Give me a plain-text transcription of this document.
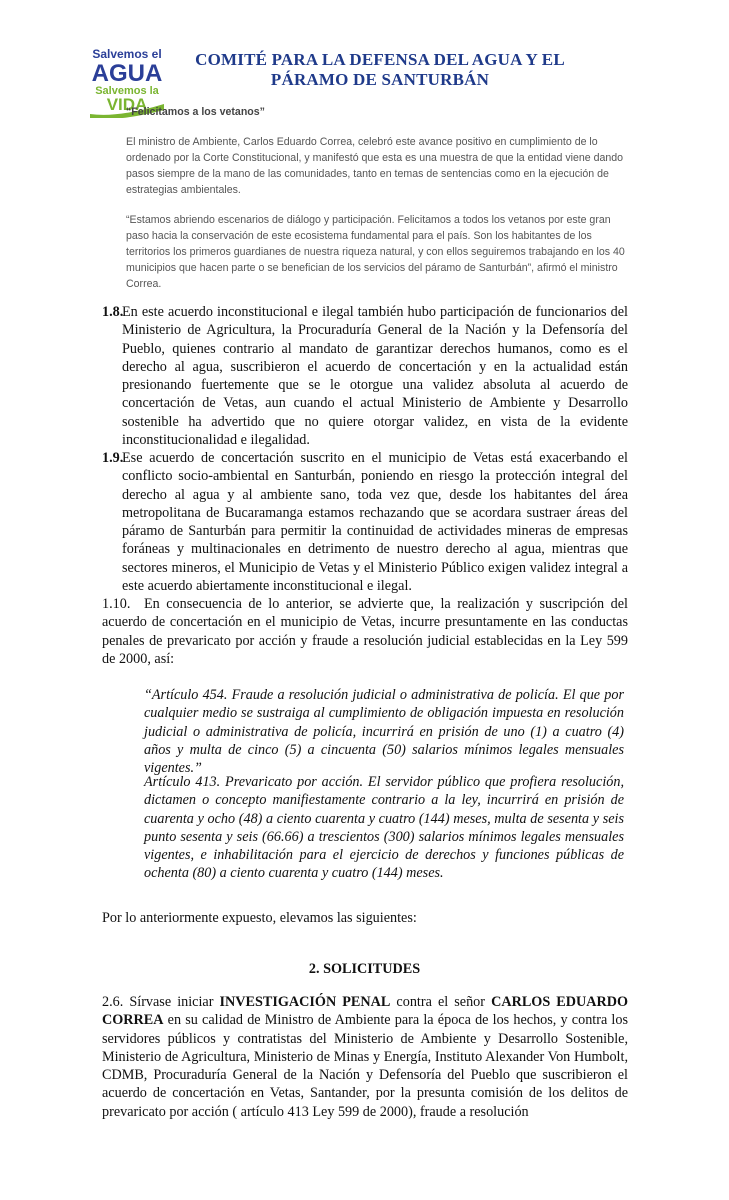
Salvemos el
AGUA
Salvemos la
VIDA
COMITÉ PARA LA DEFENSA DEL AGUA Y EL
PÁRAMO DE SANTURBÁN
“Felicitamos a los vetanos”

El ministro de Ambiente, Carlos Eduardo Correa, celebró este avance positivo en cumplimiento de lo ordenado por la Corte Constitucional, y manifestó que esta es una muestra de que la entidad viene dando pasos siempre de la mano de las comunidades, tanto en temas de sentencias como en la ejecución de estrategias ambientales.

“Estamos abriendo escenarios de diálogo y participación. Felicitamos a todos los vetanos por este gran paso hacia la conservación de este ecosistema fundamental para el país. Son los habitantes de los territorios los primeros guardianes de nuestra riqueza natural, y con ellos seguiremos trabajando en los 40 municipios que hacen parte o se benefician de los servicios del páramo de Santurbán”, afirmó el ministro Correa.

1.8.
En este acuerdo inconstitucional e ilegal también hubo participación de funcionarios del Ministerio de Agricultura, la Procuraduría General de la Nación y la Defensoría del Pueblo, quienes contrario al mandato de garantizar derechos humanos, como es el derecho al agua, suscribieron el acuerdo de concertación y en la actualidad están presionando fuertemente que se le otorgue una validez absoluta al acuerdo de concertación de Vetas, aun cuando el actual Ministerio de Ambiente y Desarrollo sostenible ha advertido que no quiere otorgar validez, en vista de la evidente inconstitucionalidad e ilegalidad.
1.9.
Ese acuerdo de concertación suscrito en el municipio de Vetas está exacerbando el conflicto socio-ambiental en Santurbán, poniendo en riesgo la protección integral del derecho al agua y al ambiente sano, toda vez que, desde los habitantes del área metropolitana de Bucaramanga estamos rechazando que se acordara sustraer áreas del páramo de Santurbán para permitir la continuidad de actividades mineras de empresas foráneas y multinacionales en detrimento de nuestro derecho al agua, mientras que sectores mineros, el Municipio de Vetas y el Ministerio Público exigen validez integral a este acuerdo abiertamente inconstitucional e ilegal.
1.10. En consecuencia de lo anterior, se advierte que, la realización y suscripción del acuerdo de concertación en el municipio de Vetas, incurre presuntamente en las conductas penales de prevaricato por acción y fraude a resolución judicial establecidas en la Ley 599 de 2000, así:
“Artículo 454. Fraude a resolución judicial o administrativa de policía. El que por cualquier medio se sustraiga al cumplimiento de obligación impuesta en resolución judicial o administrativa de policía, incurrirá en prisión de uno (1) a cuatro (4) años y multa de cinco (5) a cincuenta (50) salarios mínimos legales mensuales vigentes.”
Artículo 413. Prevaricato por acción. El servidor público que profiera resolución, dictamen o concepto manifiestamente contrario a la ley, incurrirá en prisión de cuarenta y ocho (48) a ciento cuarenta y cuatro (144) meses, multa de sesenta y seis punto sesenta y seis (66.66) a trescientos (300) salarios mínimos legales mensuales vigentes, e inhabilitación para el ejercicio de derechos y funciones públicas de ochenta (80) a ciento cuarenta y cuatro (144) meses.
Por lo anteriormente expuesto, elevamos las siguientes:
2. SOLICITUDES
2.6. Sírvase iniciar INVESTIGACIÓN PENAL contra el señor CARLOS EDUARDO CORREA en su calidad de Ministro de Ambiente para la época de los hechos, y contra los servidores públicos y contratistas del Ministerio de Ambiente y Desarrollo Sostenible, Ministerio de Agricultura, Ministerio de Minas y Energía, Instituto Alexander Von Humbolt, CDMB, Procuraduría General de la Nación y Defensoría del Pueblo que suscribieron el acuerdo de concertación en Vetas, Santander, por la presunta comisión de los delitos de prevaricato por acción ( artículo 413 Ley 599 de 2000), fraude a resolución
